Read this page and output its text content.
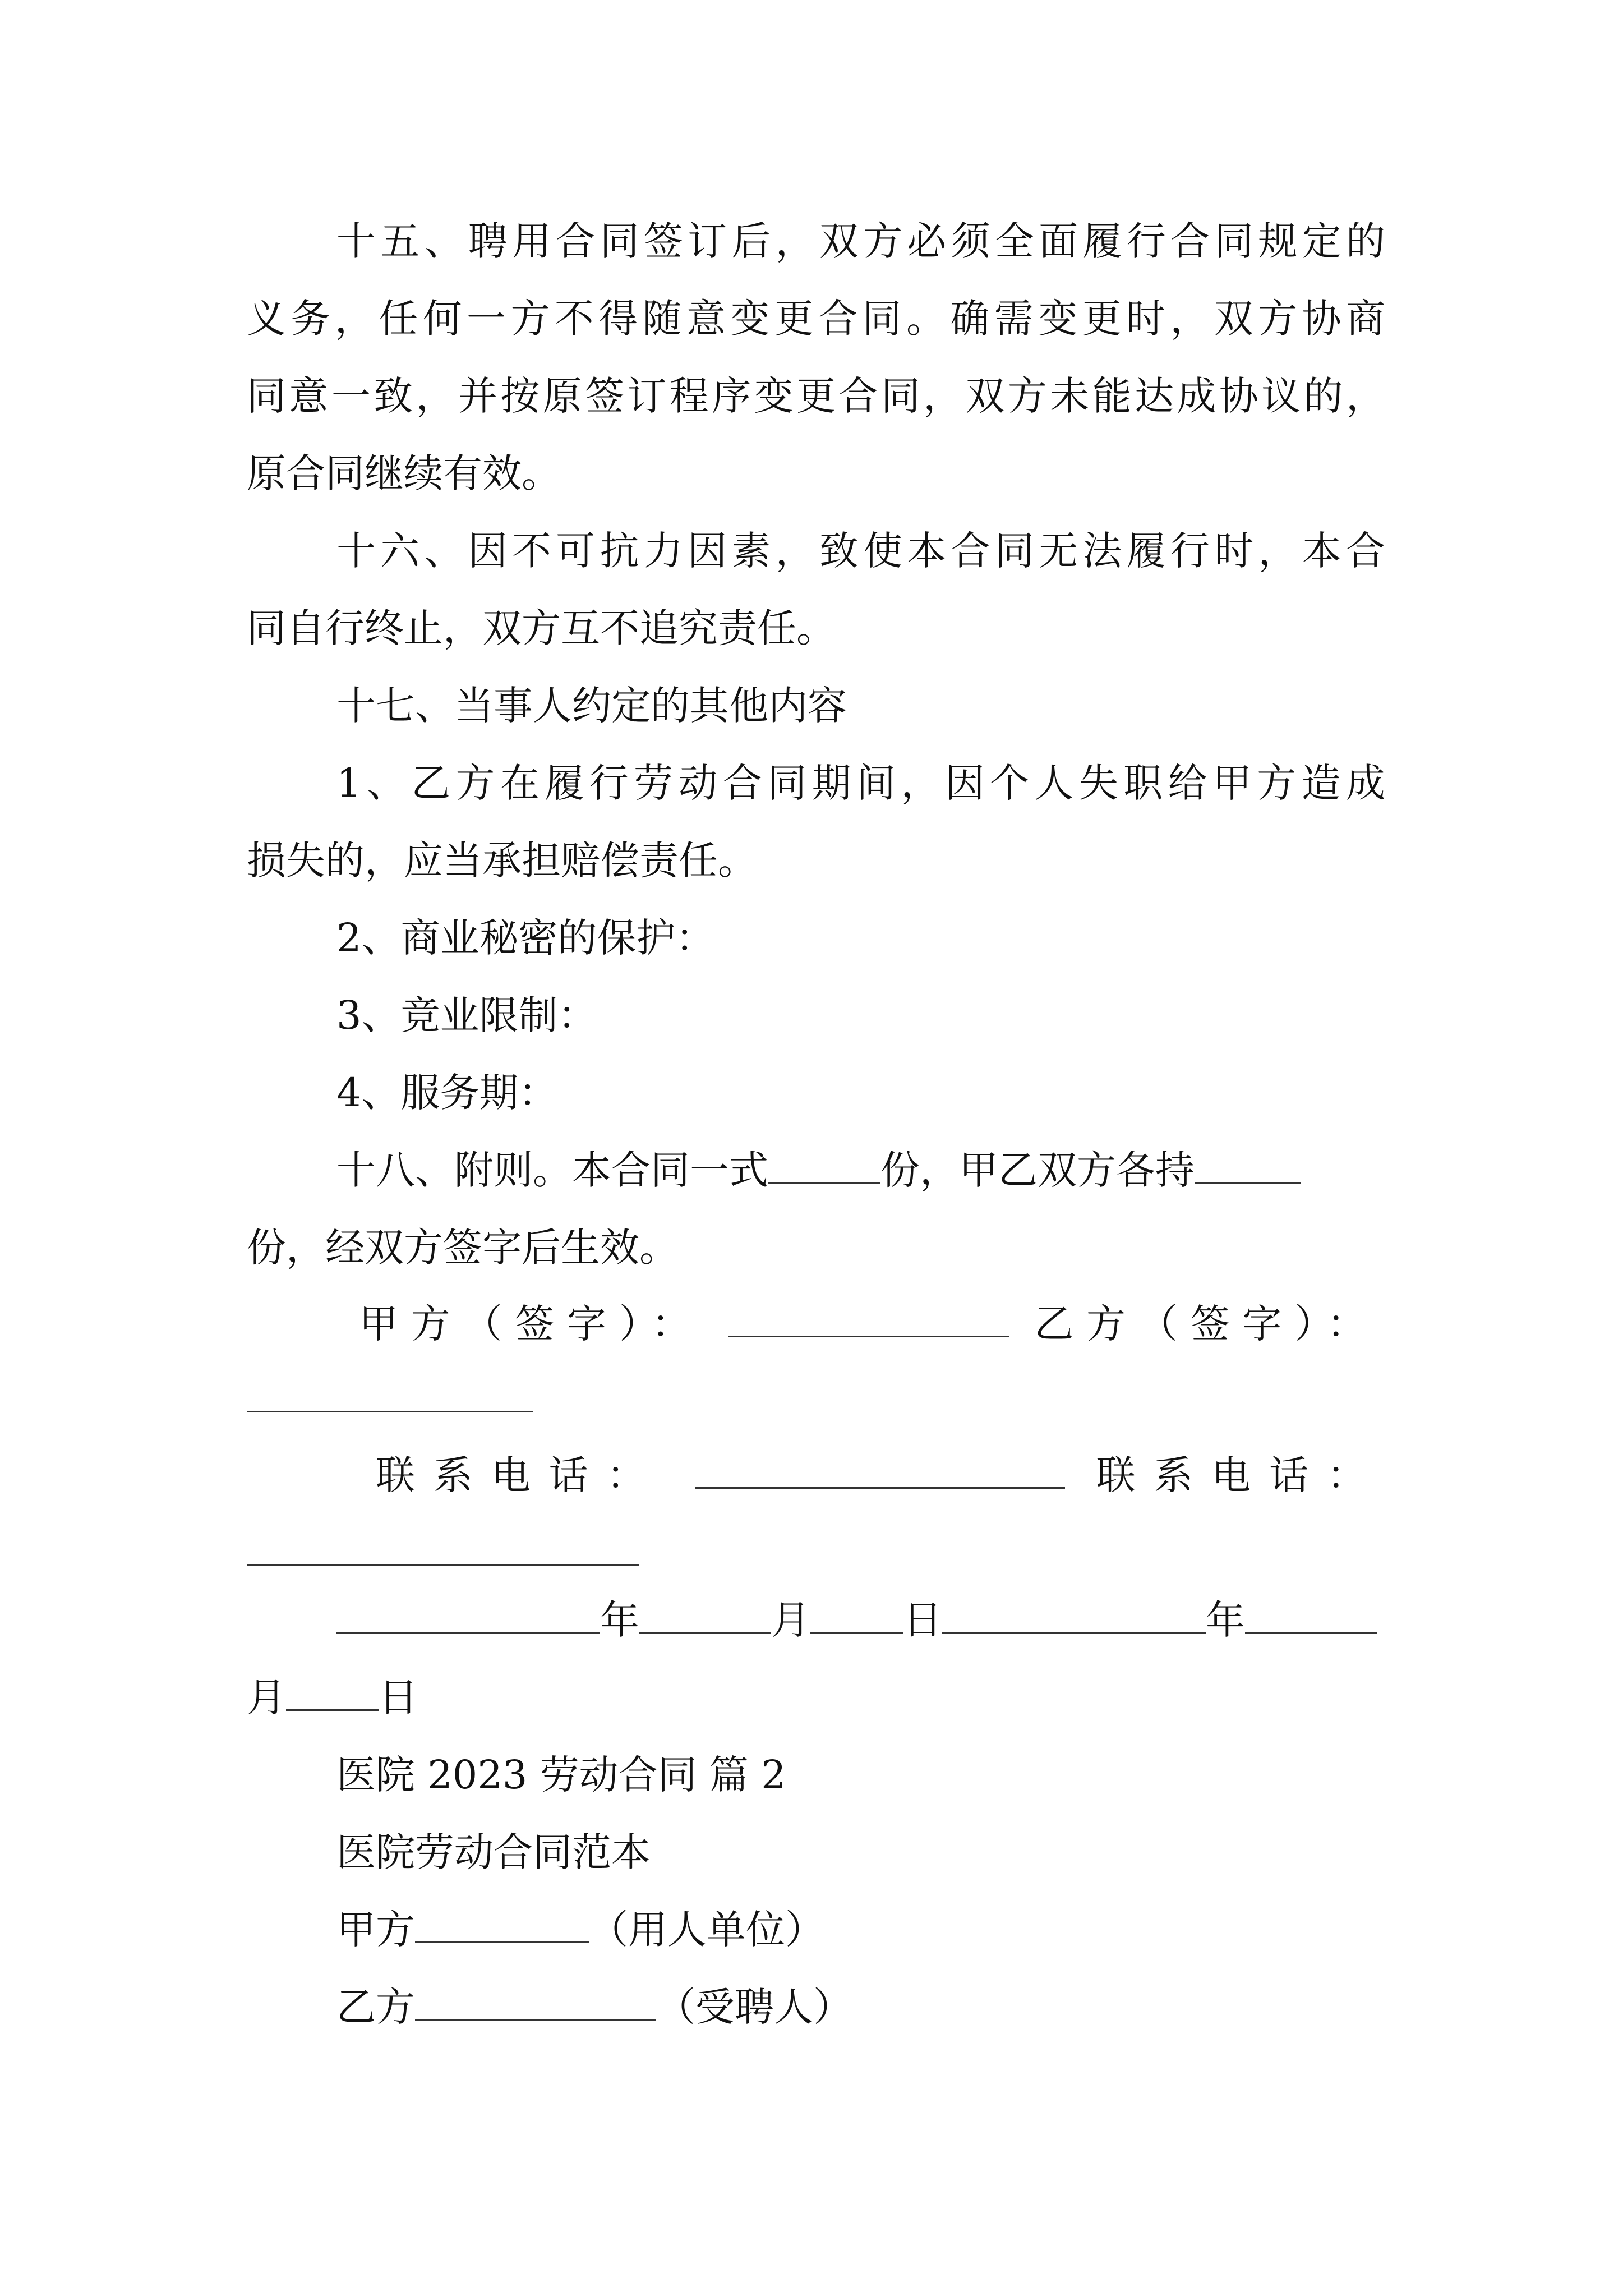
十五、聘用合同签订后，双方必须全面履行合同规定的
义务，任何一方不得随意变更合同。确需变更时，双方协商
同意一致，并按原签订程序变更合同，双方未能达成协议的，
原合同继续有效。
十六、因不可抗力因素，致使本合同无法履行时，本合
同自行终止，双方互不追究责任。
十七、当事人约定的其他内容
1、乙方在履行劳动合同期间，因个人失职给甲方造成
损失的，应当承担赔偿责任。
2、商业秘密的保护：
3、竞业限制：
4、服务期：
十八、附则。本合同一式	份，甲乙双方各持
份，经双方签字后生效。
甲方（签字）：	乙方（签字）：
联系电话：	联系电话：
年	月 日	年
月 日
医院 2023 劳动合同 篇 2
医院劳动合同范本
甲方	（用人单位）
乙方	（受聘人）
